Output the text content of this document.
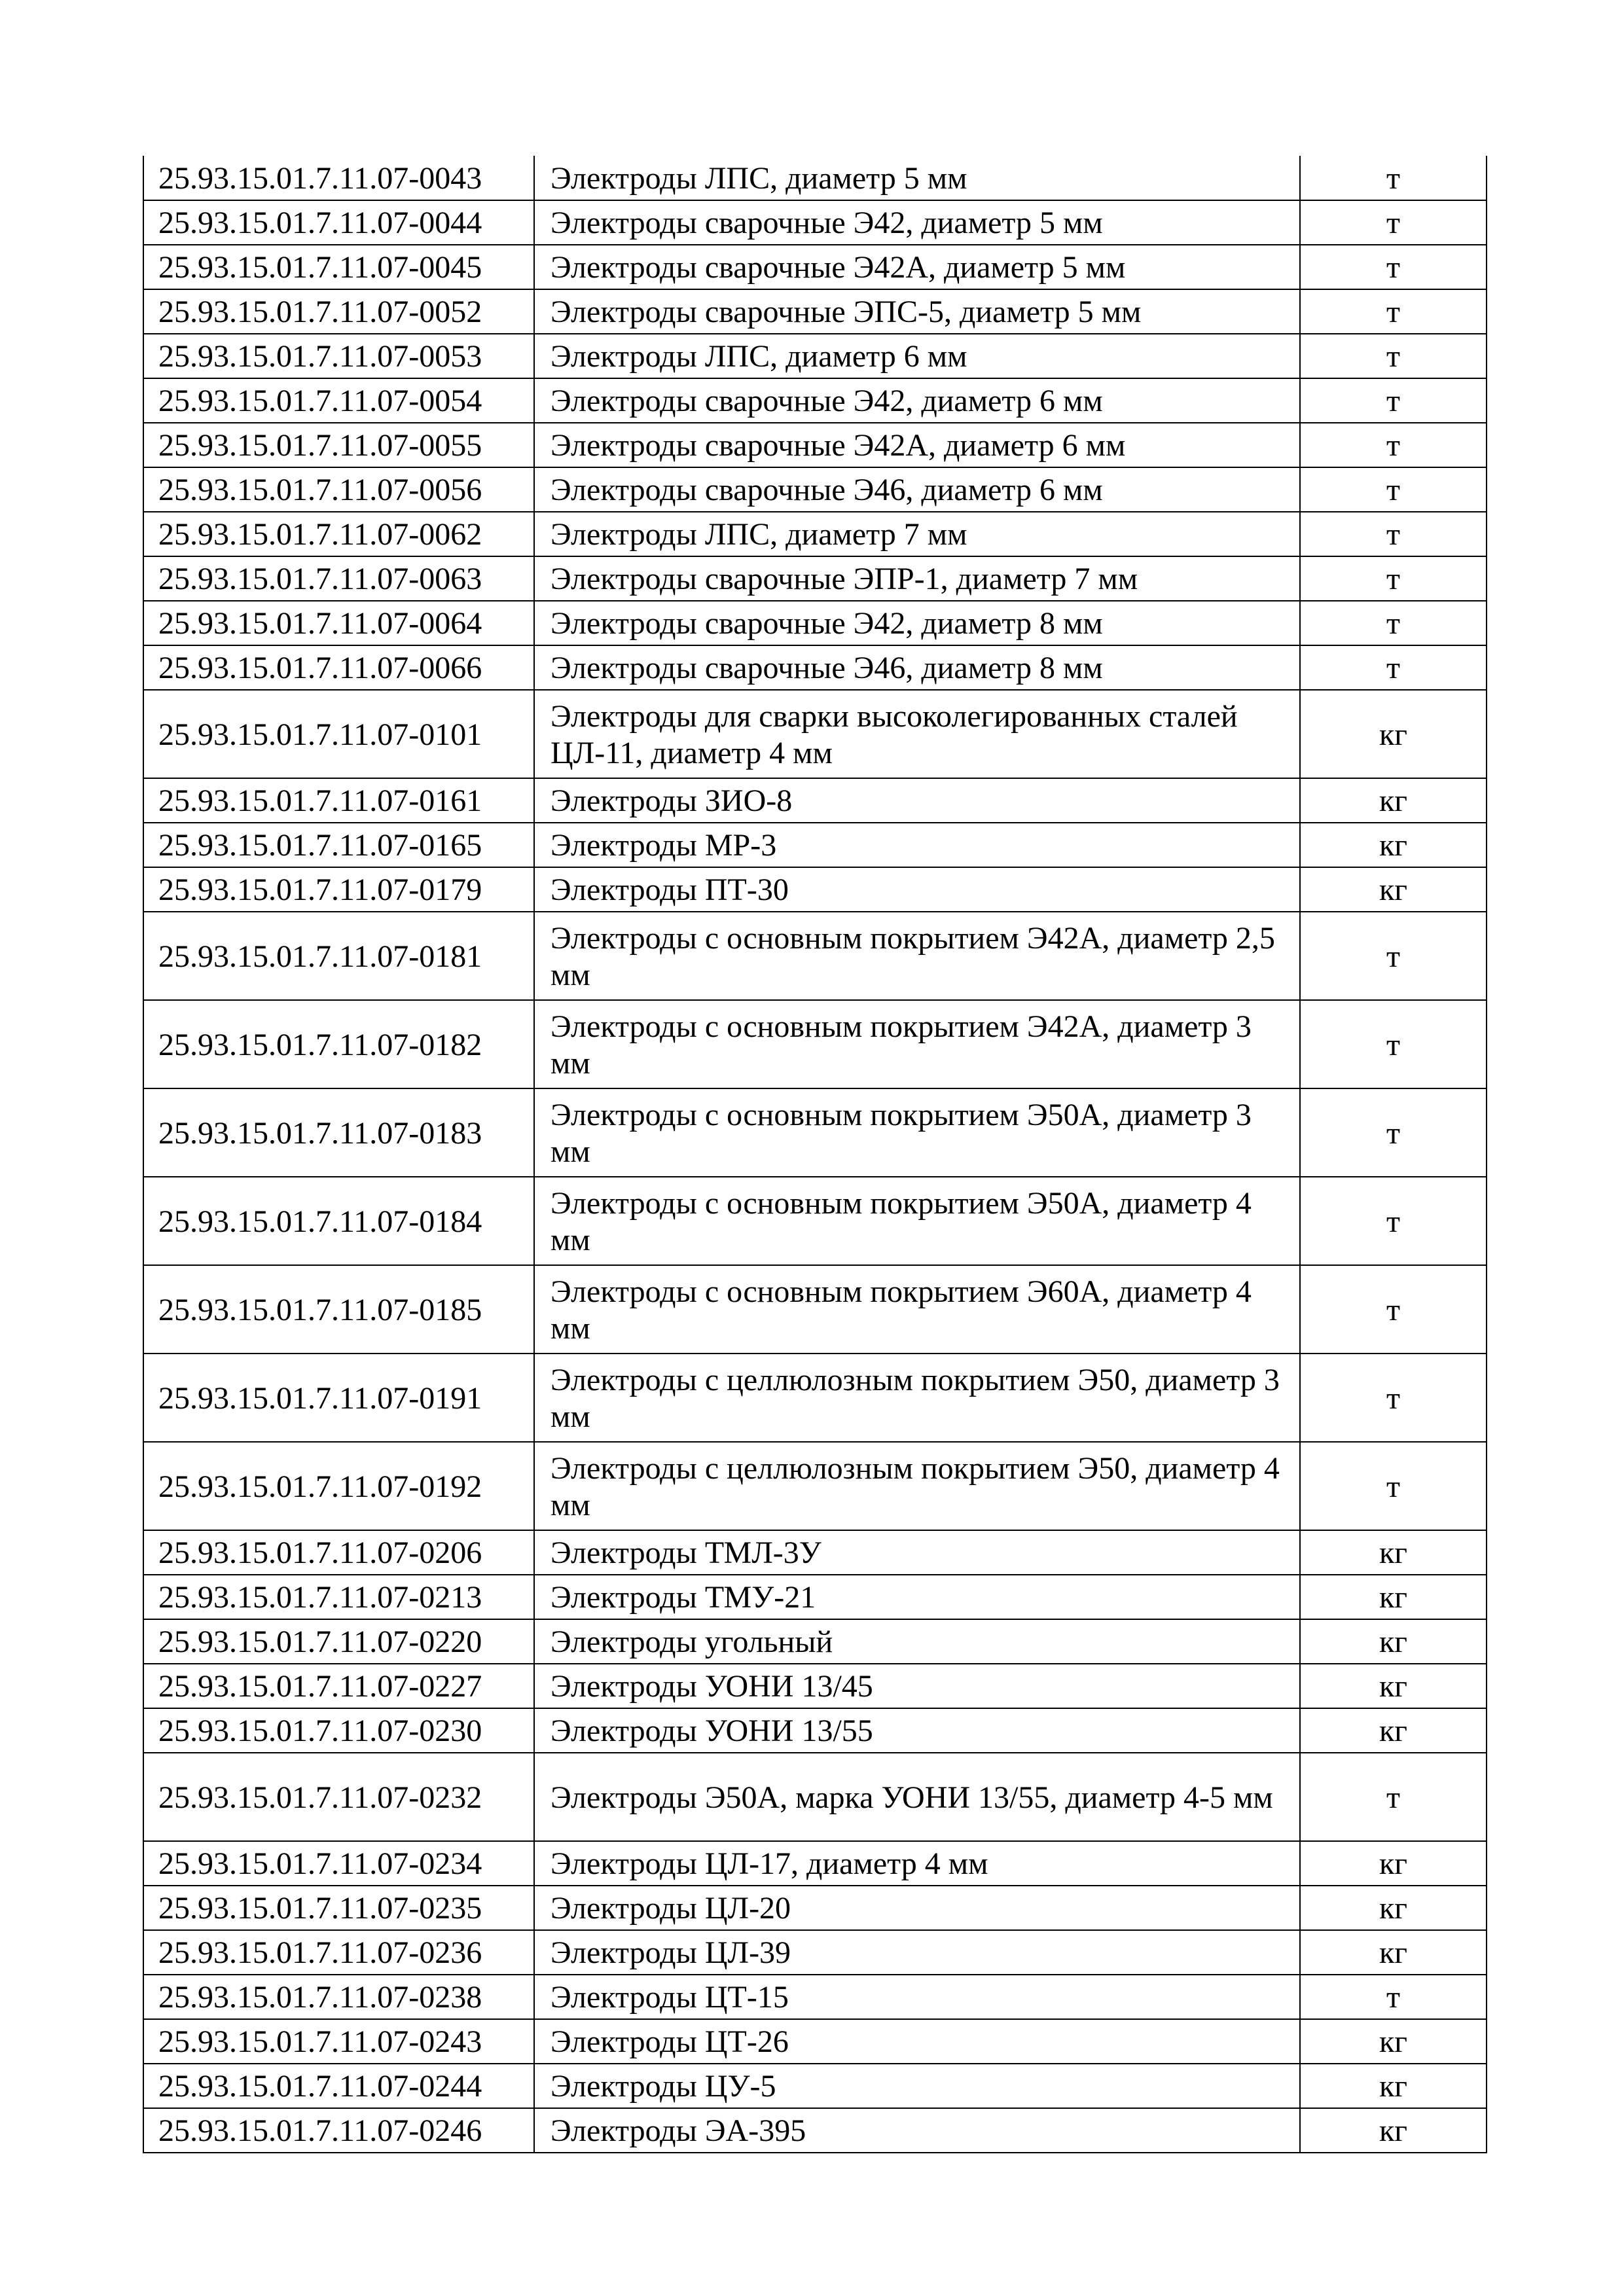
25.93.15.01.7.11.07-0043	Электроды ЛПС, диаметр 5 мм	т
25.93.15.01.7.11.07-0044	Электроды сварочные Э42, диаметр 5 мм	т
25.93.15.01.7.11.07-0045	Электроды сварочные Э42А, диаметр 5 мм	т
25.93.15.01.7.11.07-0052	Электроды сварочные ЭПС-5, диаметр 5 мм	т
25.93.15.01.7.11.07-0053	Электроды ЛПС, диаметр 6 мм	т
25.93.15.01.7.11.07-0054	Электроды сварочные Э42, диаметр 6 мм	т
25.93.15.01.7.11.07-0055	Электроды сварочные Э42А, диаметр 6 мм	т
25.93.15.01.7.11.07-0056	Электроды сварочные Э46, диаметр 6 мм	т
25.93.15.01.7.11.07-0062	Электроды ЛПС, диаметр 7 мм	т
25.93.15.01.7.11.07-0063	Электроды сварочные ЭПР-1, диаметр 7 мм	т
25.93.15.01.7.11.07-0064	Электроды сварочные Э42, диаметр 8 мм	т
25.93.15.01.7.11.07-0066	Электроды сварочные Э46, диаметр 8 мм	т
25.93.15.01.7.11.07-0101	Электроды для сварки высоколегированных сталей ЦЛ-11, диаметр 4 мм	кг
25.93.15.01.7.11.07-0161	Электроды ЗИО-8	кг
25.93.15.01.7.11.07-0165	Электроды МР-3	кг
25.93.15.01.7.11.07-0179	Электроды ПТ-30	кг
25.93.15.01.7.11.07-0181	Электроды с основным покрытием Э42А, диаметр 2,5 мм	т
25.93.15.01.7.11.07-0182	Электроды с основным покрытием Э42А, диаметр 3 мм	т
25.93.15.01.7.11.07-0183	Электроды с основным покрытием Э50А, диаметр 3 мм	т
25.93.15.01.7.11.07-0184	Электроды с основным покрытием Э50А, диаметр 4 мм	т
25.93.15.01.7.11.07-0185	Электроды с основным покрытием Э60А, диаметр 4 мм	т
25.93.15.01.7.11.07-0191	Электроды с целлюлозным покрытием Э50, диаметр 3 мм	т
25.93.15.01.7.11.07-0192	Электроды с целлюлозным покрытием Э50, диаметр 4 мм	т
25.93.15.01.7.11.07-0206	Электроды ТМЛ-3У	кг
25.93.15.01.7.11.07-0213	Электроды ТМУ-21	кг
25.93.15.01.7.11.07-0220	Электроды угольный	кг
25.93.15.01.7.11.07-0227	Электроды УОНИ 13/45	кг
25.93.15.01.7.11.07-0230	Электроды УОНИ 13/55	кг
25.93.15.01.7.11.07-0232	Электроды Э50А, марка УОНИ 13/55, диаметр 4-5 мм	т
25.93.15.01.7.11.07-0234	Электроды ЦЛ-17, диаметр 4 мм	кг
25.93.15.01.7.11.07-0235	Электроды ЦЛ-20	кг
25.93.15.01.7.11.07-0236	Электроды ЦЛ-39	кг
25.93.15.01.7.11.07-0238	Электроды ЦТ-15	т
25.93.15.01.7.11.07-0243	Электроды ЦТ-26	кг
25.93.15.01.7.11.07-0244	Электроды ЦУ-5	кг
25.93.15.01.7.11.07-0246	Электроды ЭА-395	кг
